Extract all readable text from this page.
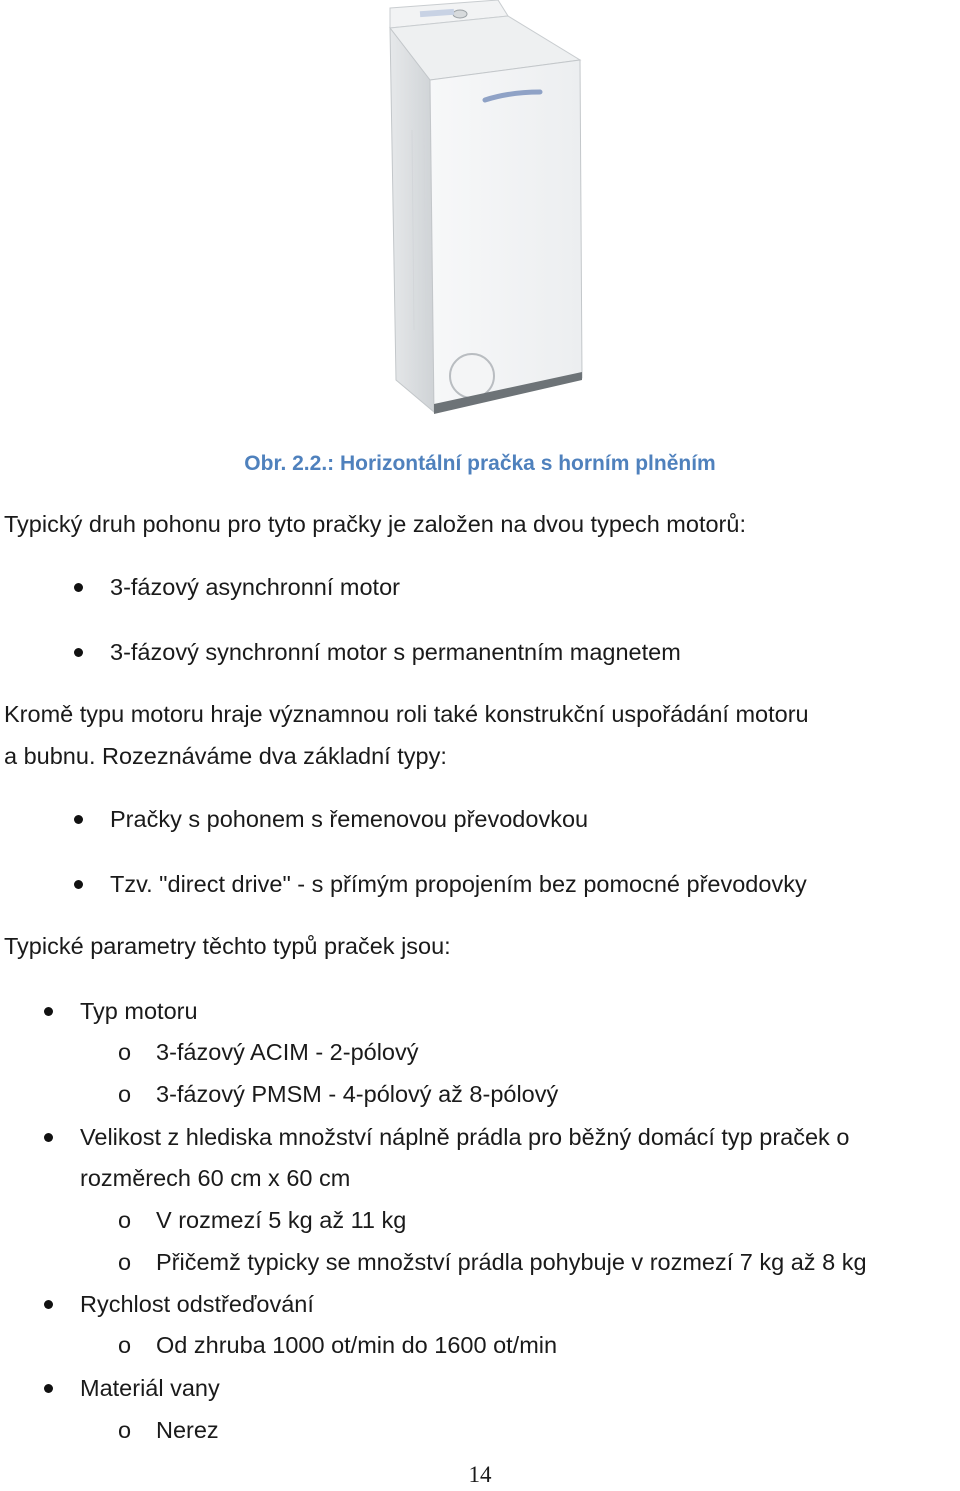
Obr. 2.2.: Horizontální pračka s horním plněním

Typický druh pohonu pro tyto pračky je založen na dvou typech motorů:

3-fázový asynchronní motor
3-fázový synchronní motor s permanentním magnetem

Kromě typu motoru hraje významnou roli také konstrukční uspořádání motoru

a bubnu. Rozeznáváme dva základní typy:

Pračky s pohonem s řemenovou převodovkou
Tzv. "direct drive" - s přímým propojením bez pomocné převodovky

Typické parametry těchto typů praček jsou:

Typ motoru
o 3-fázový ACIM - 2-pólový
o 3-fázový PMSM - 4-pólový až 8-pólový
Velikost z hlediska množství náplně prádla pro běžný domácí typ praček o
rozměrech 60 cm x 60 cm
o V rozmezí 5 kg až 11 kg
o Přičemž typicky se množství prádla pohybuje v rozmezí 7 kg až 8 kg
Rychlost odstřeďování
o Od zhruba 1000 ot/min do 1600 ot/min
Materiál vany
o Nerez
14
